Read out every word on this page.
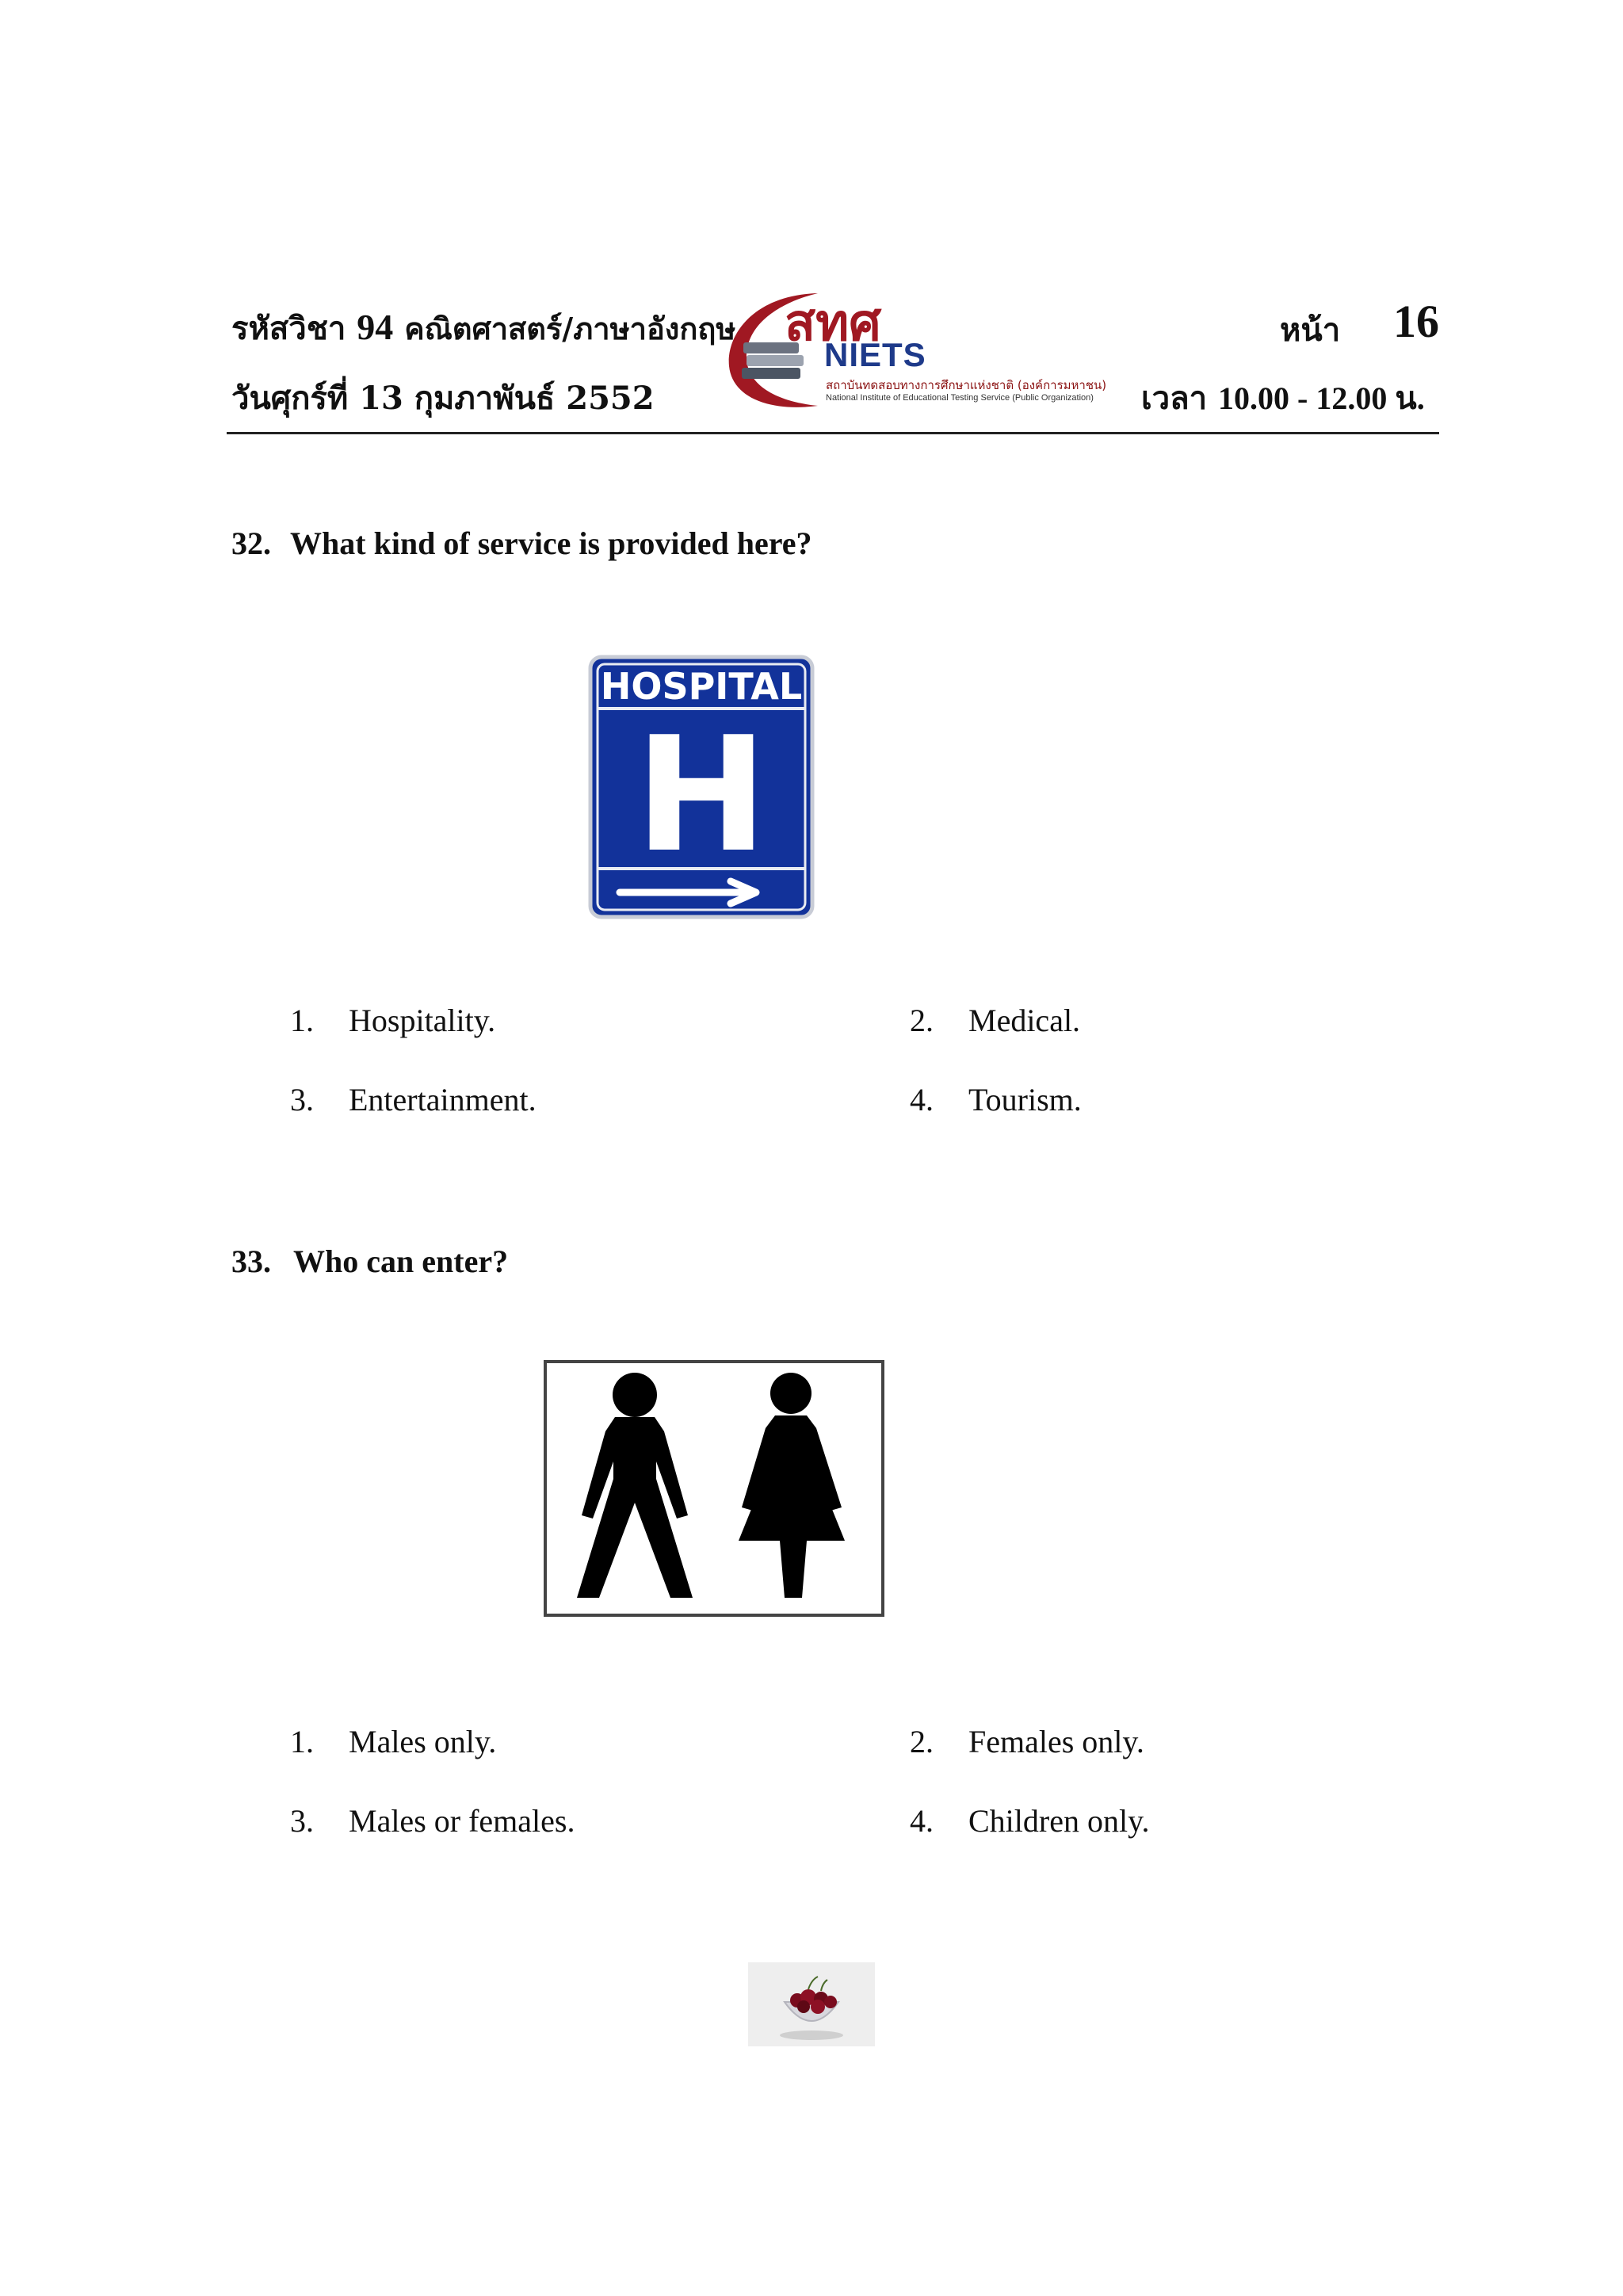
รหัสวิชา 94 คณิตศาสตร์/ภาษาอังกฤษ
วันศุกร์ที่ 13 กุมภาพันธ์ 2552
หน้า 16
เวลา 10.00 - 12.00 น.
สทศ
NIETS
สถาบันทดสอบทางการศึกษาแห่งชาติ (องค์การมหาชน)
National Institute of Educational Testing Service (Public Organization)
32. What kind of service is provided here?
HOSPITAL
H
1. Hospitality.	2. Medical.
3. Entertainment.	4. Tourism.
33. Who can enter?
1. Males only.	2. Females only.
3. Males or females.	4. Children only.
